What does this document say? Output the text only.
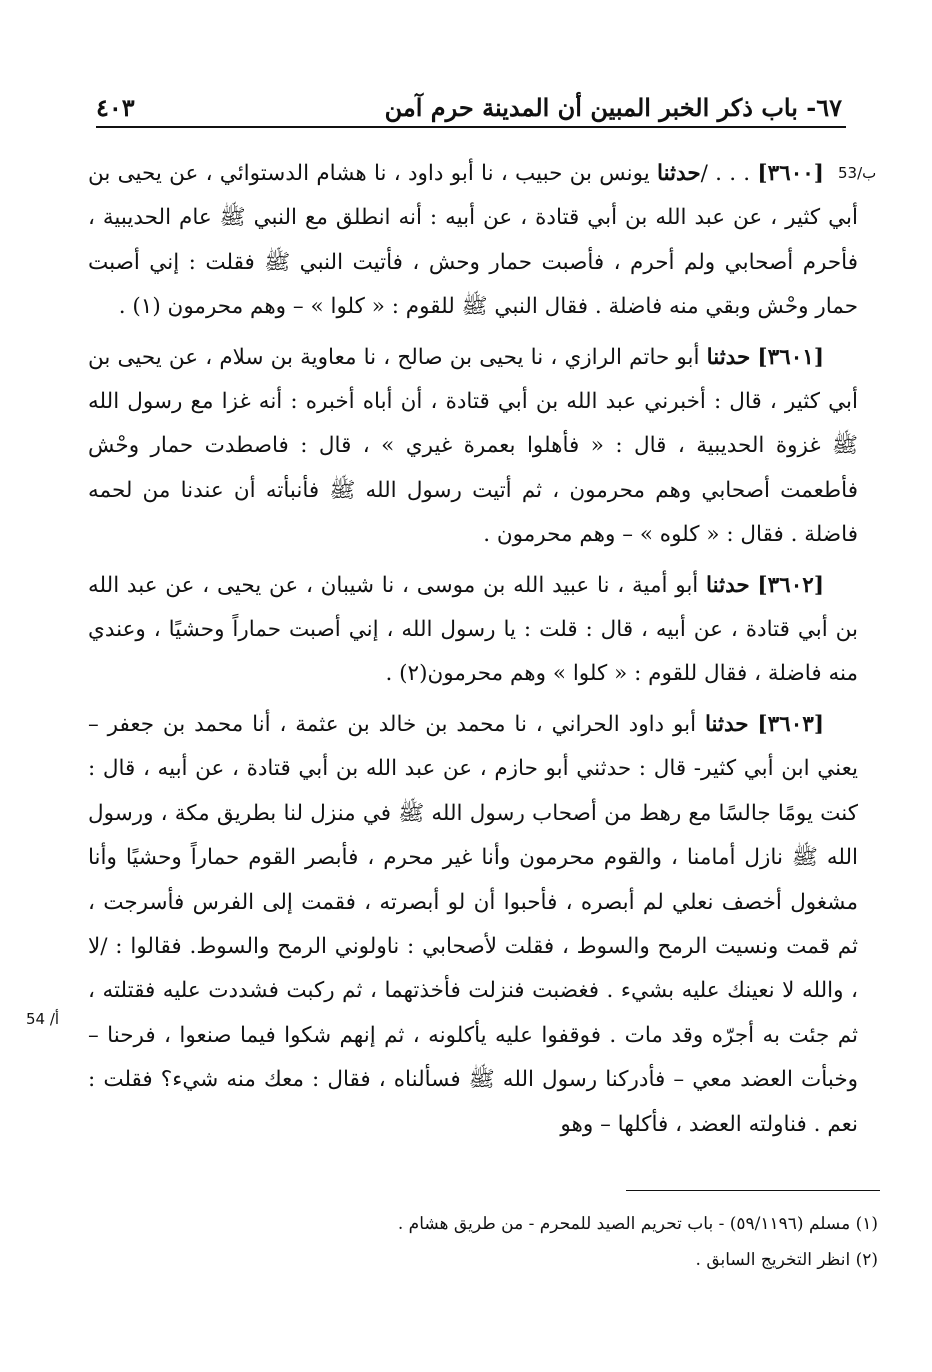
٦٧- باب ذكر الخبر المبين أن المدينة حرم آمن
٤٠٣
53/ب
54 /أ

[٣٦٠٠] . . . /حدثنا يونس بن حبيب ، نا أبو داود ، نا هشام الدستوائي ، عن يحيى بن أبي كثير ، عن عبد الله بن أبي قتادة ، عن أبيه : أنه انطلق مع النبي ﷺ عام الحديبية ، فأحرم أصحابي ولم أحرم ، فأصبت حمار وحش ، فأتيت النبي ﷺ فقلت : إني أصبت حمار وحْش وبقي منه فاضلة . فقال النبي ﷺ للقوم : « كلوا » – وهم محرمون (١) .

[٣٦٠١] حدثنا أبو حاتم الرازي ، نا يحيى بن صالح ، نا معاوية بن سلام ، عن يحيى بن أبي كثير ، قال : أخبرني عبد الله بن أبي قتادة ، أن أباه أخبره : أنه غزا مع رسول الله ﷺ غزوة الحديبية ، قال : « فأهلوا بعمرة غيري » ، قال : فاصطدت حمار وحْش فأطعمت أصحابي وهم محرمون ، ثم أتيت رسول الله ﷺ فأنبأته أن عندنا من لحمه فاضلة . فقال : « كلوه » – وهم محرمون .

[٣٦٠٢] حدثنا أبو أمية ، نا عبيد الله بن موسى ، نا شيبان ، عن يحيى ، عن عبد الله بن أبي قتادة ، عن أبيه ، قال : قلت : يا رسول الله ، إني أصبت حماراً وحشيًا ، وعندي منه فاضلة ، فقال للقوم : « كلوا » وهم محرمون(٢) .

[٣٦٠٣] حدثنا أبو داود الحراني ، نا محمد بن خالد بن عثمة ، أنا محمد بن جعفر – يعني ابن أبي كثير- قال : حدثني أبو حازم ، عن عبد الله بن أبي قتادة ، عن أبيه ، قال : كنت يومًا جالسًا مع رهط من أصحاب رسول الله ﷺ في منزل لنا بطريق مكة ، ورسول الله ﷺ نازل أمامنا ، والقوم محرمون وأنا غير محرم ، فأبصر القوم حماراً وحشيًا وأنا مشغول أخصف نعلي لم أبصره ، فأحبوا أن لو أبصرته ، فقمت إلى الفرس فأسرجت ، ثم قمت ونسيت الرمح والسوط ، فقلت لأصحابي : ناولوني الرمح والسوط. فقالوا : /لا ، والله لا نعينك عليه بشيء . فغضبت فنزلت فأخذتهما ، ثم ركبت فشددت عليه فقتلته ، ثم جئت به أجرّه وقد مات . فوقفوا عليه يأكلونه ، ثم إنهم شكوا فيما صنعوا ، فرحنا – وخبأت العضد معي – فأدركنا رسول الله ﷺ فسألناه ، فقال : معك منه شيء؟ فقلت : نعم . فناولته العضد ، فأكلها – وهو

(١) مسلم (٥٩/١١٩٦) - باب تحريم الصيد للمحرم - من طريق هشام .

(٢) انظر التخريج السابق .
